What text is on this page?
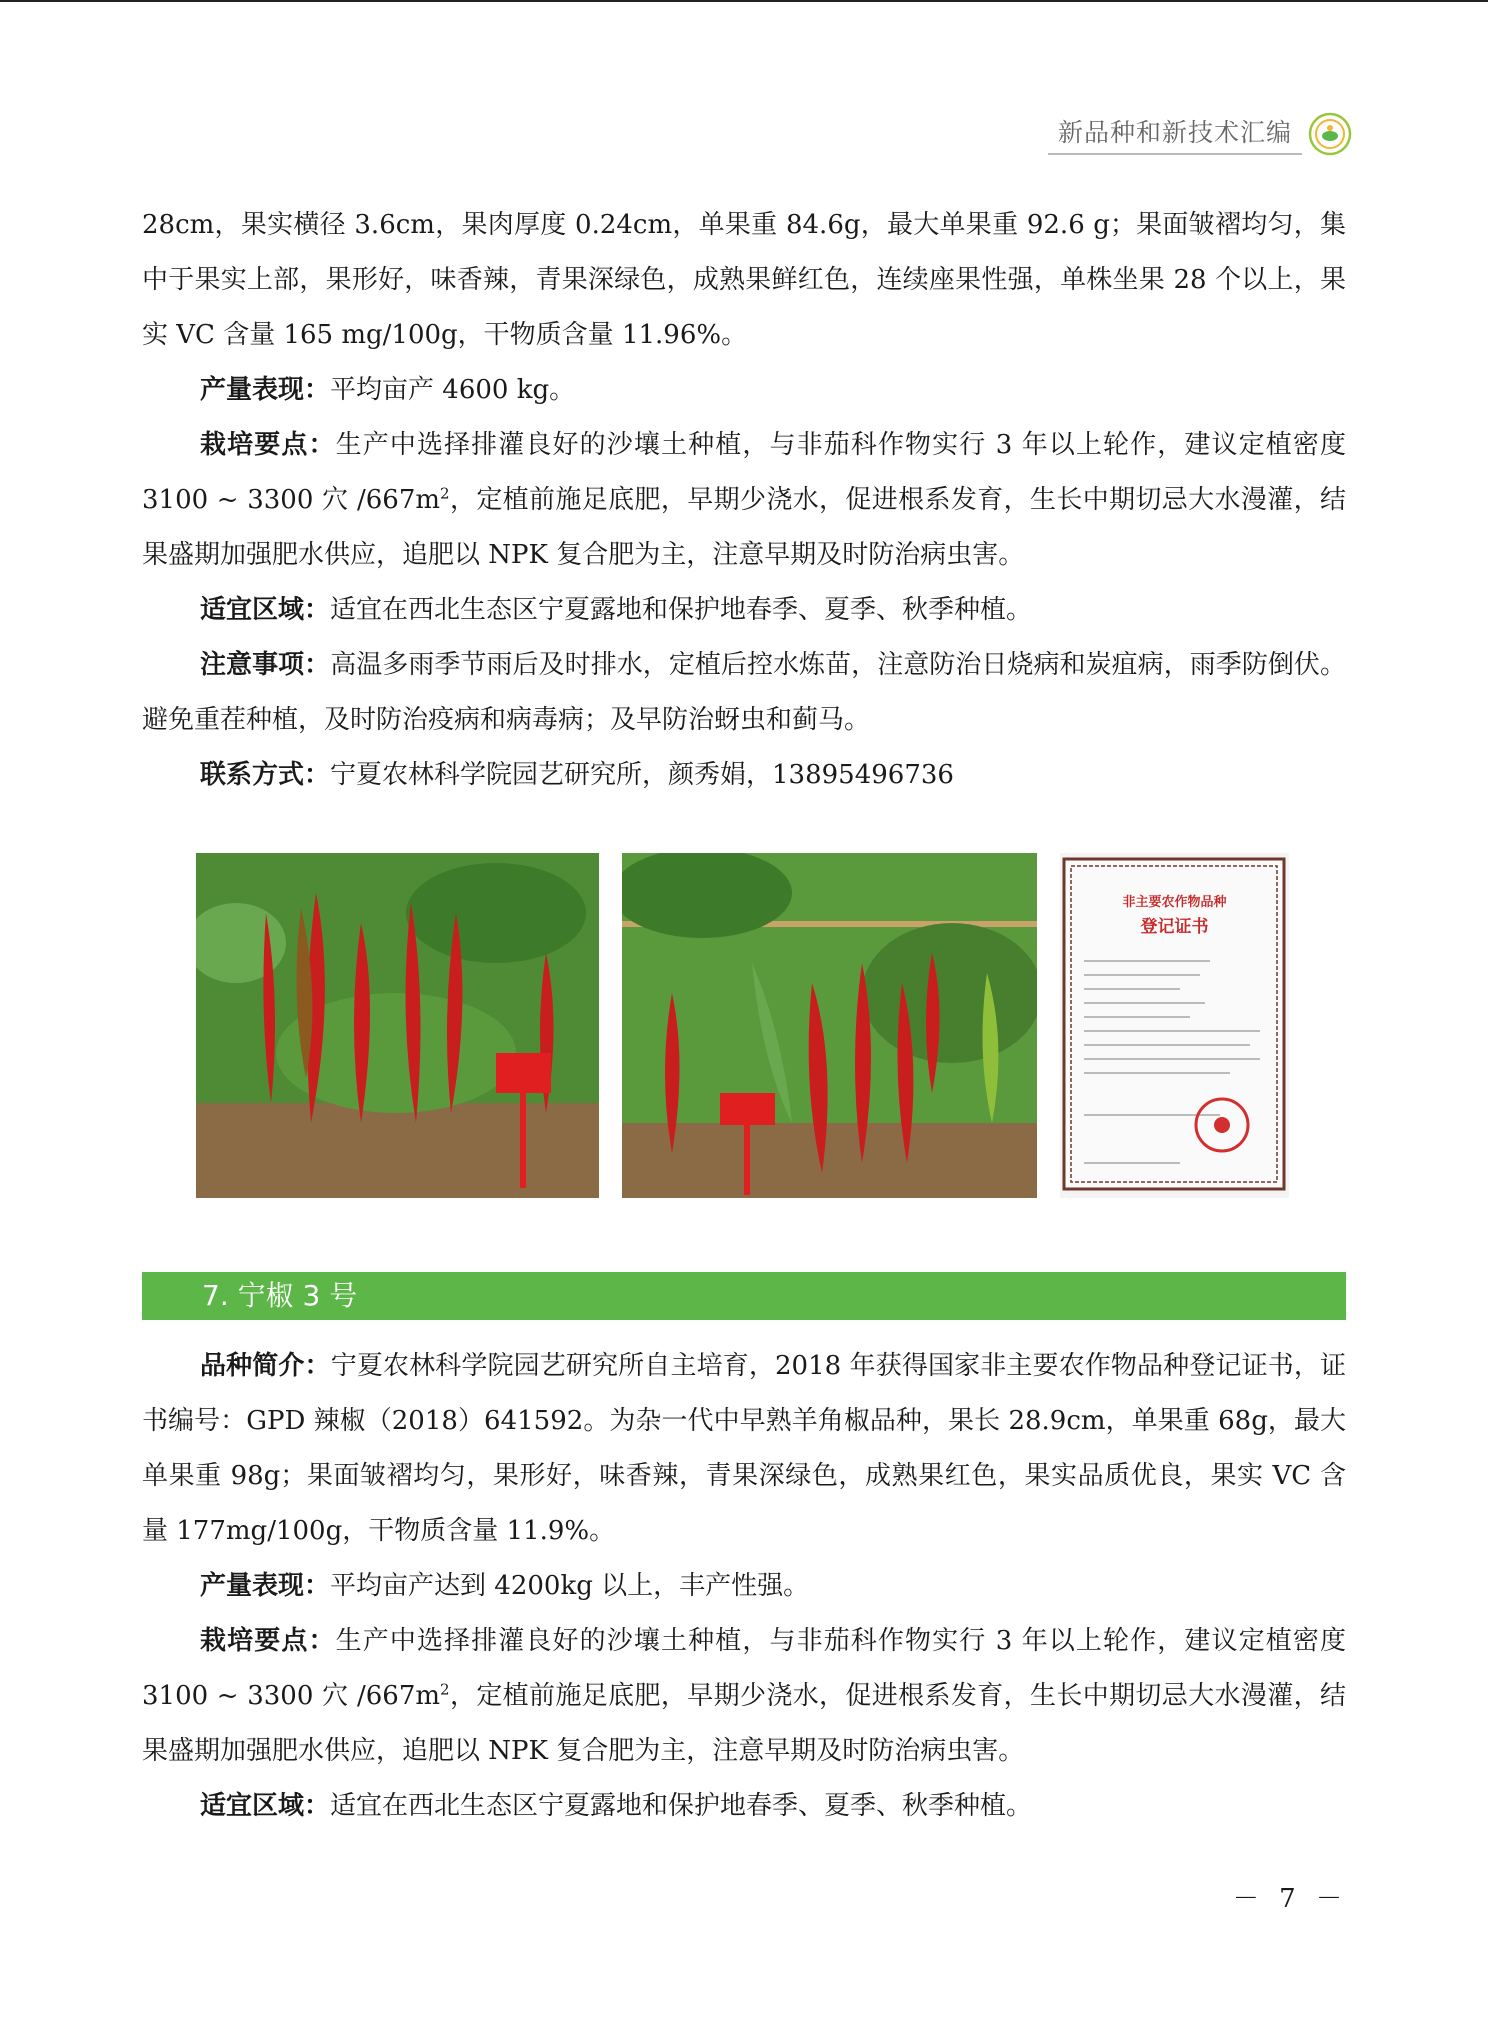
新品种和新技术汇编

28cm，果实横径 3.6cm，果肉厚度 0.24cm，单果重 84.6g，最大单果重 92.6 g；果面皱褶均匀，集中于果实上部，果形好，味香辣，青果深绿色，成熟果鲜红色，连续座果性强，单株坐果 28 个以上，果实 VC 含量 165 mg/100g，干物质含量 11.96%。

产量表现：平均亩产 4600 kg。

栽培要点：生产中选择排灌良好的沙壤土种植，与非茄科作物实行 3 年以上轮作，建议定植密度 3100 ~ 3300 穴 $/667m^2$，定植前施足底肥，早期少浇水，促进根系发育，生长中期切忌大水漫灌，结果盛期加强肥水供应，追肥以 NPK 复合肥为主，注意早期及时防治病虫害。

适宜区域：适宜在西北生态区宁夏露地和保护地春季、夏季、秋季种植。

注意事项：高温多雨季节雨后及时排水，定植后控水炼苗，注意防治日烧病和炭疽病，雨季防倒伏。避免重茬种植，及时防治疫病和病毒病；及早防治蚜虫和蓟马。

联系方式：宁夏农林科学院园艺研究所，颜秀娟，13895496736

非主要农作物品种
登记证书
7. 宁椒 3 号

品种简介：宁夏农林科学院园艺研究所自主培育，2018 年获得国家非主要农作物品种登记证书，证书编号：GPD 辣椒（2018）641592。为杂一代中早熟羊角椒品种，果长 28.9cm，单果重 68g，最大单果重 98g；果面皱褶均匀，果形好，味香辣，青果深绿色，成熟果红色，果实品质优良，果实 VC 含量 177mg/100g，干物质含量 11.9%。

产量表现：平均亩产达到 4200kg 以上，丰产性强。

栽培要点：生产中选择排灌良好的沙壤土种植，与非茄科作物实行 3 年以上轮作，建议定植密度 3100 ~ 3300 穴 $/667m^2$，定植前施足底肥，早期少浇水，促进根系发育，生长中期切忌大水漫灌，结果盛期加强肥水供应，追肥以 NPK 复合肥为主，注意早期及时防治病虫害。

适宜区域：适宜在西北生态区宁夏露地和保护地春季、夏季、秋季种植。

－ 7 －
